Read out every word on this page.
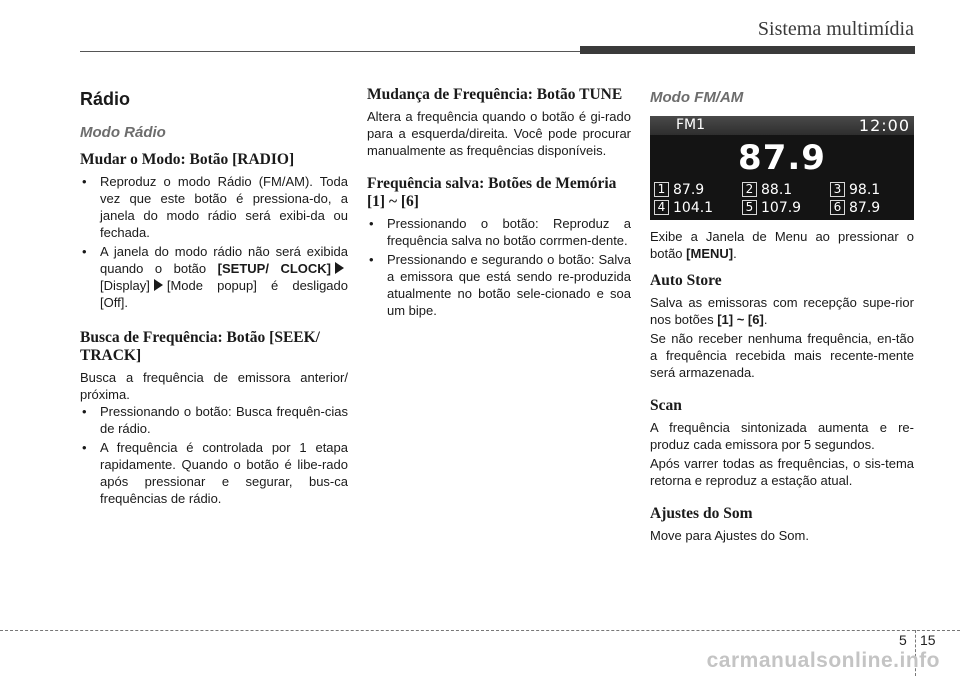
Sistema multimídia
Rádio
Modo Rádio
Mudar o Modo: Botão [RADIO]
• Reproduz o modo Rádio (FM/AM). Toda vez que este botão é pressiona-do, a janela do modo rádio será exibi-da ou fechada.
• A janela do modo rádio não será exibida quando o botão [SETUP/ CLOCK][Display] [Mode popup] é desligado [Off].
Busca de Frequência: Botão [SEEK/ TRACK]

Busca a frequência de emissora anterior/ próxima.

• Pressionando o botão: Busca frequên-cias de rádio.
• A frequência é controlada por 1 etapa rapidamente. Quando o botão é libe-rado após pressionar e segurar, bus-ca frequências de rádio.
Mudança de Frequência: Botão TUNE

Altera a frequência quando o botão é gi-rado para a esquerda/direita. Você pode procurar manualmente as frequências disponíveis.

Frequência salva: Botões de Memória [1] ~ [6]
• Pressionando o botão: Reproduz a frequência salva no botão corrmen-dente.
• Pressionando e segurando o botão: Salva a emissora que está sendo re-produzida atualmente no botão sele-cionado e soa um bipe.
Modo FM/AM
FM1	12:00
87.9
1 87.9	2 88.1	3 98.1
4 104.1	5 107.9	6 87.9

Exibe a Janela de Menu ao pressionar o botão [MENU].

Auto Store

Salva as emissoras com recepção supe-rior nos botões [1] ~ [6].

Se não receber nenhuma frequência, en-tão a frequência recebida mais recente-mente será armazenada.

Scan

A frequência sintonizada aumenta e re-produz cada emissora por 5 segundos.

Após varrer todas as frequências, o sis-tema retorna e reproduz a estação atual.

Ajustes do Som

Move para Ajustes do Som.

5 15
carmanualsonline.info
